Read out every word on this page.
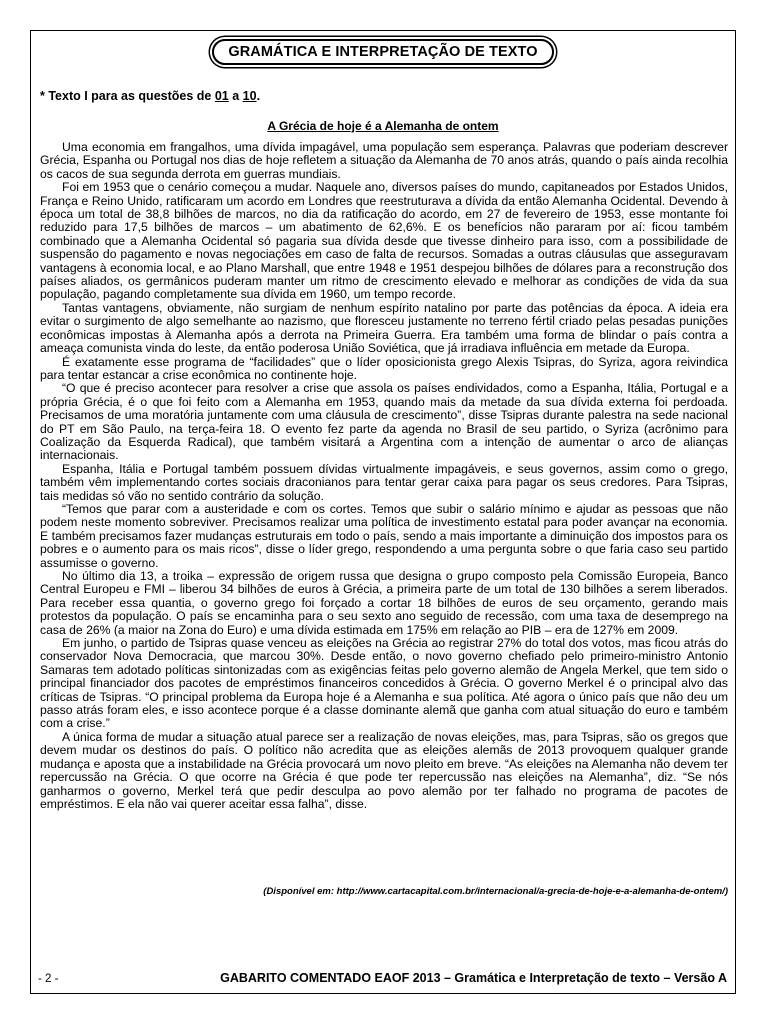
GRAMÁTICA E INTERPRETAÇÃO DE TEXTO
* Texto I para as questões de 01 a 10.
A Grécia de hoje é a Alemanha de ontem

Uma economia em frangalhos, uma dívida impagável, uma população sem esperança. Palavras que poderiam descrever Grécia, Espanha ou Portugal nos dias de hoje refletem a situação da Alemanha de 70 anos atrás, quando o país ainda recolhia os cacos de sua segunda derrota em guerras mundiais.

Foi em 1953 que o cenário começou a mudar. Naquele ano, diversos países do mundo, capitaneados por Estados Unidos, França e Reino Unido, ratificaram um acordo em Londres que reestruturava a dívida da então Alemanha Ocidental. Devendo à época um total de 38,8 bilhões de marcos, no dia da ratificação do acordo, em 27 de fevereiro de 1953, esse montante foi reduzido para 17,5 bilhões de marcos – um abatimento de 62,6%. E os benefícios não pararam por aí: ficou também combinado que a Alemanha Ocidental só pagaria sua dívida desde que tivesse dinheiro para isso, com a possibilidade de suspensão do pagamento e novas negociações em caso de falta de recursos. Somadas a outras cláusulas que asseguravam vantagens à economia local, e ao Plano Marshall, que entre 1948 e 1951 despejou bilhões de dólares para a reconstrução dos países aliados, os germânicos puderam manter um ritmo de crescimento elevado e melhorar as condições de vida da sua população, pagando completamente sua dívida em 1960, um tempo recorde.

Tantas vantagens, obviamente, não surgiam de nenhum espírito natalino por parte das potências da época. A ideia era evitar o surgimento de algo semelhante ao nazismo, que floresceu justamente no terreno fértil criado pelas pesadas punições econômicas impostas à Alemanha após a derrota na Primeira Guerra. Era também uma forma de blindar o país contra a ameaça comunista vinda do leste, da então poderosa União Soviética, que já irradiava influência em metade da Europa.

É exatamente esse programa de “facilidades” que o líder oposicionista grego Alexis Tsipras, do Syriza, agora reivindica para tentar estancar a crise econômica no continente hoje.

“O que é preciso acontecer para resolver a crise que assola os países endividados, como a Espanha, Itália, Portugal e a própria Grécia, é o que foi feito com a Alemanha em 1953, quando mais da metade da sua dívida externa foi perdoada. Precisamos de uma moratória juntamente com uma cláusula de crescimento”, disse Tsipras durante palestra na sede nacional do PT em São Paulo, na terça-feira 18. O evento fez parte da agenda no Brasil de seu partido, o Syriza (acrônimo para Coalização da Esquerda Radical), que também visitará a Argentina com a intenção de aumentar o arco de alianças internacionais.

Espanha, Itália e Portugal também possuem dívidas virtualmente impagáveis, e seus governos, assim como o grego, também vêm implementando cortes sociais draconianos para tentar gerar caixa para pagar os seus credores. Para Tsipras, tais medidas só vão no sentido contrário da solução.

“Temos que parar com a austeridade e com os cortes. Temos que subir o salário mínimo e ajudar as pessoas que não podem neste momento sobreviver. Precisamos realizar uma política de investimento estatal para poder avançar na economia. E também precisamos fazer mudanças estruturais em todo o país, sendo a mais importante a diminuição dos impostos para os pobres e o aumento para os mais ricos”, disse o líder grego, respondendo a uma pergunta sobre o que faria caso seu partido assumisse o governo.

No último dia 13, a troika – expressão de origem russa que designa o grupo composto pela Comissão Europeia, Banco Central Europeu e FMI – liberou 34 bilhões de euros à Grécia, a primeira parte de um total de 130 bilhões a serem liberados. Para receber essa quantia, o governo grego foi forçado a cortar 18 bilhões de euros de seu orçamento, gerando mais protestos da população. O país se encaminha para o seu sexto ano seguido de recessão, com uma taxa de desemprego na casa de 26% (a maior na Zona do Euro) e uma dívida estimada em 175% em relação ao PIB – era de 127% em 2009.

Em junho, o partido de Tsipras quase venceu as eleições na Grécia ao registrar 27% do total dos votos, mas ficou atrás do conservador Nova Democracia, que marcou 30%. Desde então, o novo governo chefiado pelo primeiro-ministro Antonio Samaras tem adotado políticas sintonizadas com as exigências feitas pelo governo alemão de Angela Merkel, que tem sido o principal financiador dos pacotes de empréstimos financeiros concedidos à Grécia. O governo Merkel é o principal alvo das críticas de Tsipras. “O principal problema da Europa hoje é a Alemanha e sua política. Até agora o único país que não deu um passo atrás foram eles, e isso acontece porque é a classe dominante alemã que ganha com atual situação do euro e também com a crise.”

A única forma de mudar a situação atual parece ser a realização de novas eleições, mas, para Tsipras, são os gregos que devem mudar os destinos do país. O político não acredita que as eleições alemãs de 2013 provoquem qualquer grande mudança e aposta que a instabilidade na Grécia provocará um novo pleito em breve. “As eleições na Alemanha não devem ter repercussão na Grécia. O que ocorre na Grécia é que pode ter repercussão nas eleições na Alemanha”, diz. “Se nós ganharmos o governo, Merkel terá que pedir desculpa ao povo alemão por ter falhado no programa de pacotes de empréstimos. E ela não vai querer aceitar essa falha”, disse.

(Disponível em: http://www.cartacapital.com.br/internacional/a-grecia-de-hoje-e-a-alemanha-de-ontem/)
- 2 -	GABARITO COMENTADO EAOF 2013 – Gramática e Interpretação de texto – Versão A
